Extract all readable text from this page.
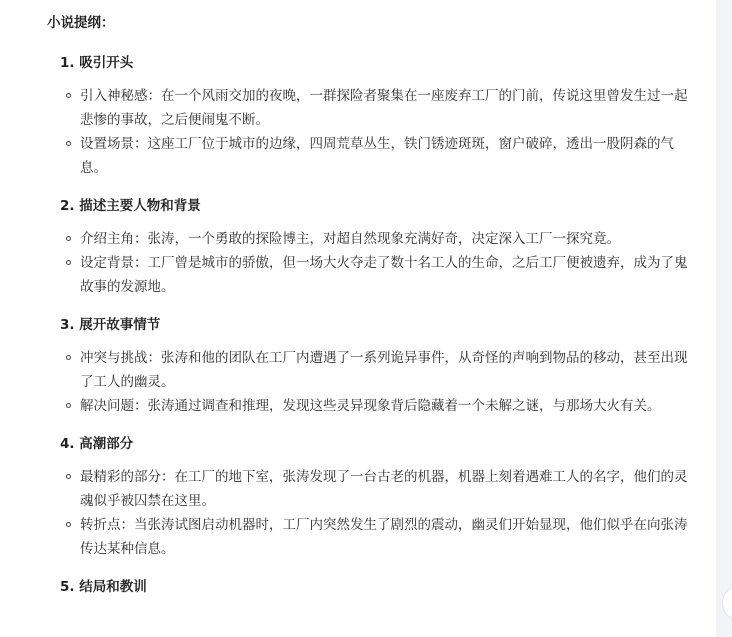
小说提纲：
1. 吸引开头
引入神秘感：在一个风雨交加的夜晚，一群探险者聚集在一座废弃工厂的门前，传说这里曾发生过一起悲惨的事故，之后便闹鬼不断。
设置场景：这座工厂位于城市的边缘，四周荒草丛生，铁门锈迹斑斑，窗户破碎，透出一股阴森的气息。
2. 描述主要人物和背景
介绍主角：张涛，一个勇敢的探险博主，对超自然现象充满好奇，决定深入工厂一探究竟。
设定背景：工厂曾是城市的骄傲，但一场大火夺走了数十名工人的生命，之后工厂便被遗弃，成为了鬼故事的发源地。
3. 展开故事情节
冲突与挑战：张涛和他的团队在工厂内遭遇了一系列诡异事件，从奇怪的声响到物品的移动，甚至出现了工人的幽灵。
解决问题：张涛通过调查和推理，发现这些灵异现象背后隐藏着一个未解之谜，与那场大火有关。
4. 高潮部分
最精彩的部分：在工厂的地下室，张涛发现了一台古老的机器，机器上刻着遇难工人的名字，他们的灵魂似乎被囚禁在这里。
转折点：当张涛试图启动机器时，工厂内突然发生了剧烈的震动，幽灵们开始显现，他们似乎在向张涛传达某种信息。
5. 结局和教训
